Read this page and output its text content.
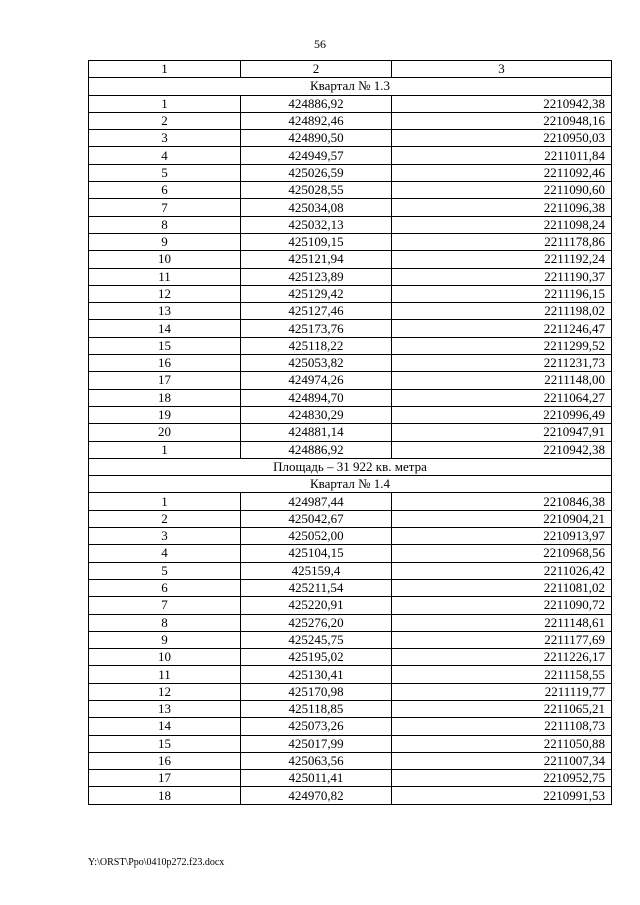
56
1	2	3
Квартал № 1.3		
1	424886,92	2210942,38
2	424892,46	2210948,16
3	424890,50	2210950,03
4	424949,57	2211011,84
5	425026,59	2211092,46
6	425028,55	2211090,60
7	425034,08	2211096,38
8	425032,13	2211098,24
9	425109,15	2211178,86
10	425121,94	2211192,24
11	425123,89	2211190,37
12	425129,42	2211196,15
13	425127,46	2211198,02
14	425173,76	2211246,47
15	425118,22	2211299,52
16	425053,82	2211231,73
17	424974,26	2211148,00
18	424894,70	2211064,27
19	424830,29	2210996,49
20	424881,14	2210947,91
1	424886,92	2210942,38
Площадь – 31 922 кв. метра		
Квартал № 1.4		
1	424987,44	2210846,38
2	425042,67	2210904,21
3	425052,00	2210913,97
4	425104,15	2210968,56
5	425159,4	2211026,42
6	425211,54	2211081,02
7	425220,91	2211090,72
8	425276,20	2211148,61
9	425245,75	2211177,69
10	425195,02	2211226,17
11	425130,41	2211158,55
12	425170,98	2211119,77
13	425118,85	2211065,21
14	425073,26	2211108,73
15	425017,99	2211050,88
16	425063,56	2211007,34
17	425011,41	2210952,75
18	424970,82	2210991,53
Y:\ORST\Ppo\0410p272.f23.docx
